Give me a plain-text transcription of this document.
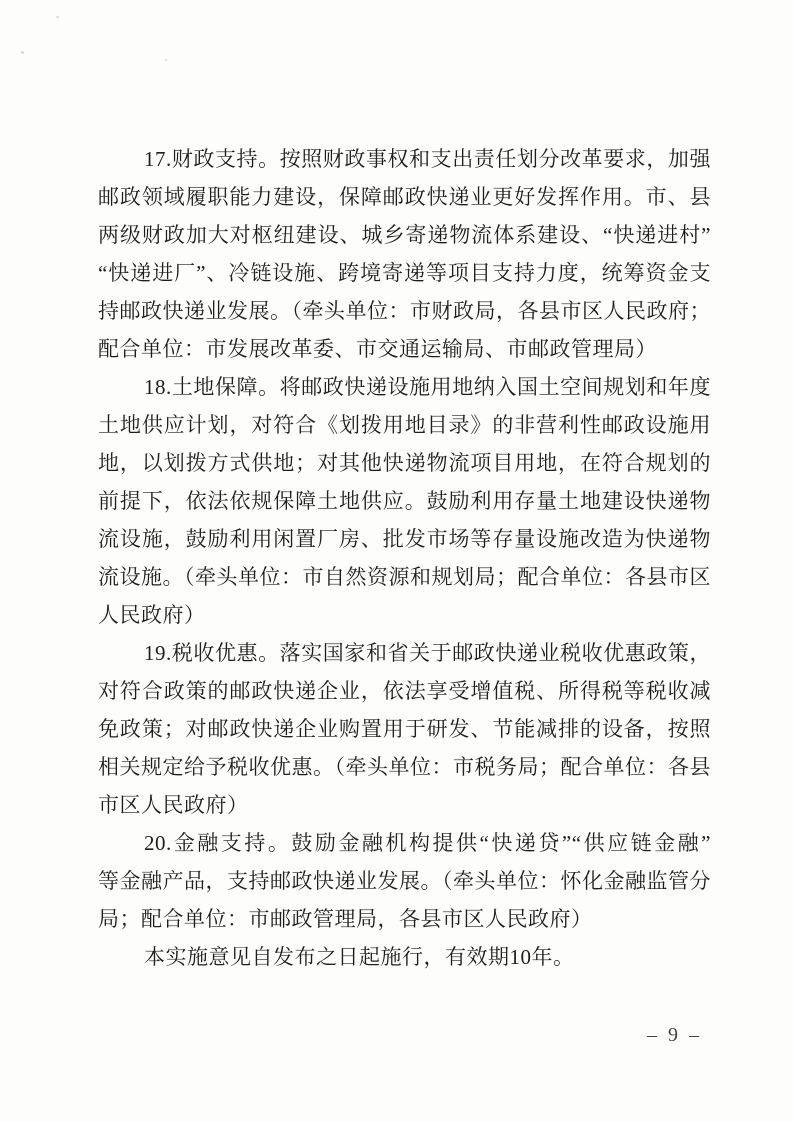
17.财政支持。按照财政事权和支出责任划分改革要求，加强
邮政领域履职能力建设，保障邮政快递业更好发挥作用。市、县
两级财政加大对枢纽建设、城乡寄递物流体系建设、“快递进村”
“快递进厂”、冷链设施、跨境寄递等项目支持力度，统筹资金支
持邮政快递业发展。（牵头单位：市财政局，各县市区人民政府；
配合单位：市发展改革委、市交通运输局、市邮政管理局）
18.土地保障。将邮政快递设施用地纳入国土空间规划和年度
土地供应计划，对符合《划拨用地目录》的非营利性邮政设施用
地，以划拨方式供地；对其他快递物流项目用地，在符合规划的
前提下，依法依规保障土地供应。鼓励利用存量土地建设快递物
流设施，鼓励利用闲置厂房、批发市场等存量设施改造为快递物
流设施。（牵头单位：市自然资源和规划局；配合单位：各县市区
人民政府）
19.税收优惠。落实国家和省关于邮政快递业税收优惠政策，
对符合政策的邮政快递企业，依法享受增值税、所得税等税收减
免政策；对邮政快递企业购置用于研发、节能减排的设备，按照
相关规定给予税收优惠。（牵头单位：市税务局；配合单位：各县
市区人民政府）
20.金融支持。鼓励金融机构提供“快递贷”“供应链金融”
等金融产品，支持邮政快递业发展。（牵头单位：怀化金融监管分
局；配合单位：市邮政管理局，各县市区人民政府）
本实施意见自发布之日起施行，有效期10年。
– 9 –
